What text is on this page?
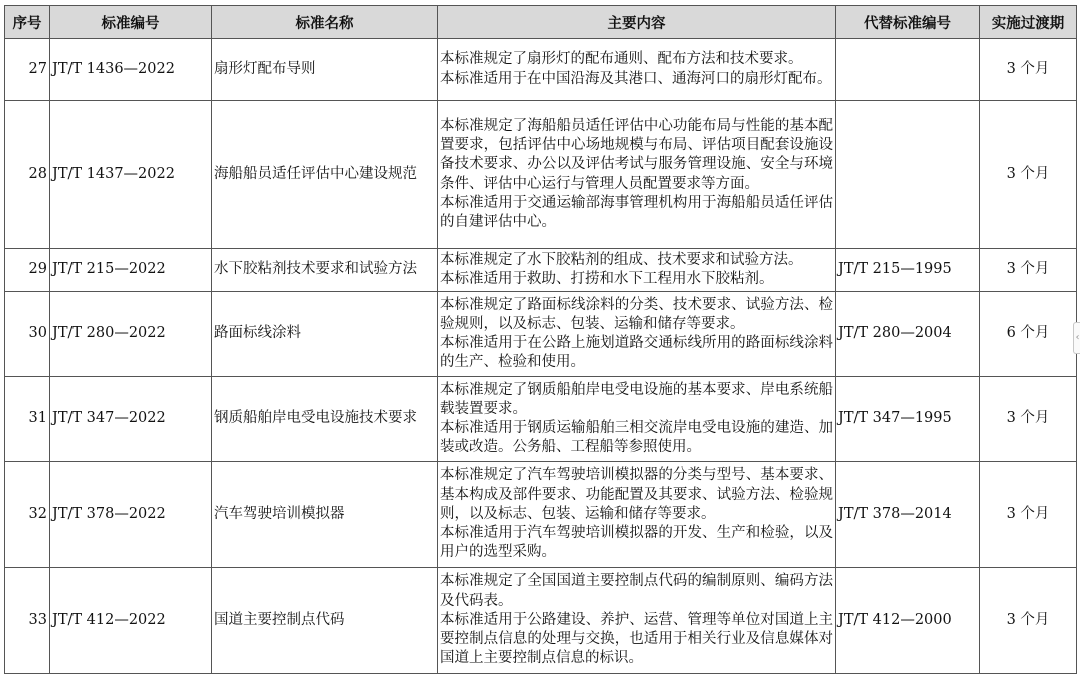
序号	标准编号	标准名称	主要内容	代替标准编号	实施过渡期
27	JT/T 1436—2022	扇形灯配布导则	本标准规定了扇形灯的配布通则、配布方法和技术要求。
本标准适用于在中国沿海及其港口、通海河口的扇形灯配布。		3 个月
28	JT/T 1437—2022	海船船员适任评估中心建设规范	本标准规定了海船船员适任评估中心功能布局与性能的基本配置要求，包括评估中心场地规模与布局、评估项目配套设施设备技术要求、办公以及评估考试与服务管理设施、安全与环境条件、评估中心运行与管理人员配置要求等方面。
本标准适用于交通运输部海事管理机构用于海船船员适任评估的自建评估中心。		3 个月
29	JT/T 215—2022	水下胶粘剂技术要求和试验方法	本标准规定了水下胶粘剂的组成、技术要求和试验方法。
本标准适用于救助、打捞和水下工程用水下胶粘剂。	JT/T 215—1995	3 个月
30	JT/T 280—2022	路面标线涂料	本标准规定了路面标线涂料的分类、技术要求、试验方法、检验规则，以及标志、包装、运输和储存等要求。
本标准适用于在公路上施划道路交通标线所用的路面标线涂料的生产、检验和使用。	JT/T 280—2004	6 个月
31	JT/T 347—2022	钢质船舶岸电受电设施技术要求	本标准规定了钢质船舶岸电受电设施的基本要求、岸电系统船载装置要求。
本标准适用于钢质运输船舶三相交流岸电受电设施的建造、加装或改造。公务船、工程船等参照使用。	JT/T 347—1995	3 个月
32	JT/T 378—2022	汽车驾驶培训模拟器	本标准规定了汽车驾驶培训模拟器的分类与型号、基本要求、基本构成及部件要求、功能配置及其要求、试验方法、检验规则，以及标志、包装、运输和储存等要求。
本标准适用于汽车驾驶培训模拟器的开发、生产和检验，以及用户的选型采购。	JT/T 378—2014	3 个月
33	JT/T 412—2022	国道主要控制点代码	本标准规定了全国国道主要控制点代码的编制原则、编码方法及代码表。
本标准适用于公路建设、养护、运营、管理等单位对国道上主要控制点信息的处理与交换，也适用于相关行业及信息媒体对国道上主要控制点信息的标识。	JT/T 412—2000	3 个月
‹
